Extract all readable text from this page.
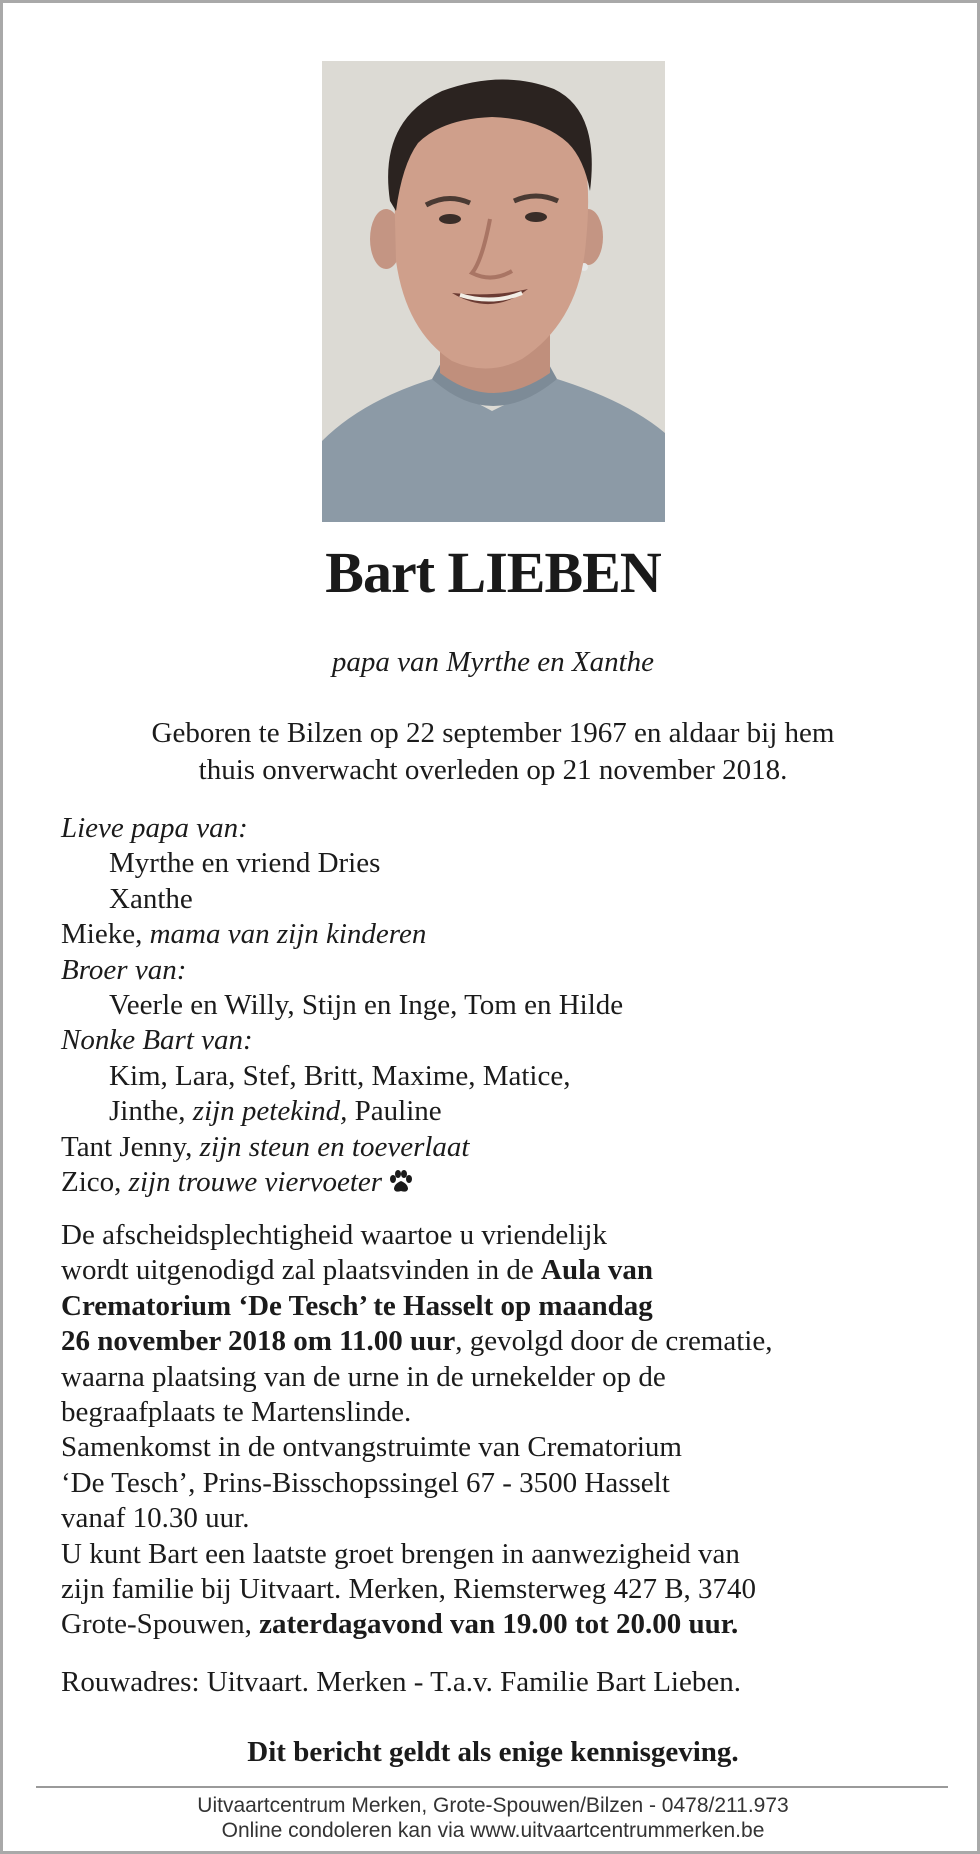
Bart LIEBEN
papa van Myrthe en Xanthe
Geboren te Bilzen op 22 september 1967 en aldaar bij hem
thuis onverwacht overleden op 21 november 2018.
Lieve papa van:
Myrthe en vriend Dries
Xanthe
Mieke, mama van zijn kinderen
Broer van:
Veerle en Willy, Stijn en Inge, Tom en Hilde
Nonke Bart van:
Kim, Lara, Stef, Britt, Maxime, Matice,
Jinthe, zijn petekind, Pauline
Tant Jenny, zijn steun en toeverlaat
Zico, zijn trouwe viervoeter
De afscheidsplechtigheid waartoe u vriendelijk
wordt uitgenodigd zal plaatsvinden in de Aula van
Crematorium ‘De Tesch’ te Hasselt op maandag
26 november 2018 om 11.00 uur, gevolgd door de crematie,
waarna plaatsing van de urne in de urnekelder op de
begraafplaats te Martenslinde.
Samenkomst in de ontvangstruimte van Crematorium
‘De Tesch’, Prins-Bisschopssingel 67 - 3500 Hasselt
vanaf 10.30 uur.
U kunt Bart een laatste groet brengen in aanwezigheid van
zijn familie bij Uitvaart. Merken, Riemsterweg 427 B, 3740
Grote-Spouwen, zaterdagavond van 19.00 tot 20.00 uur.
Rouwadres: Uitvaart. Merken - T.a.v. Familie Bart Lieben.
Dit bericht geldt als enige kennisgeving.
Uitvaartcentrum Merken, Grote-Spouwen/Bilzen - 0478/211.973
Online condoleren kan via www.uitvaartcentrummerken.be
